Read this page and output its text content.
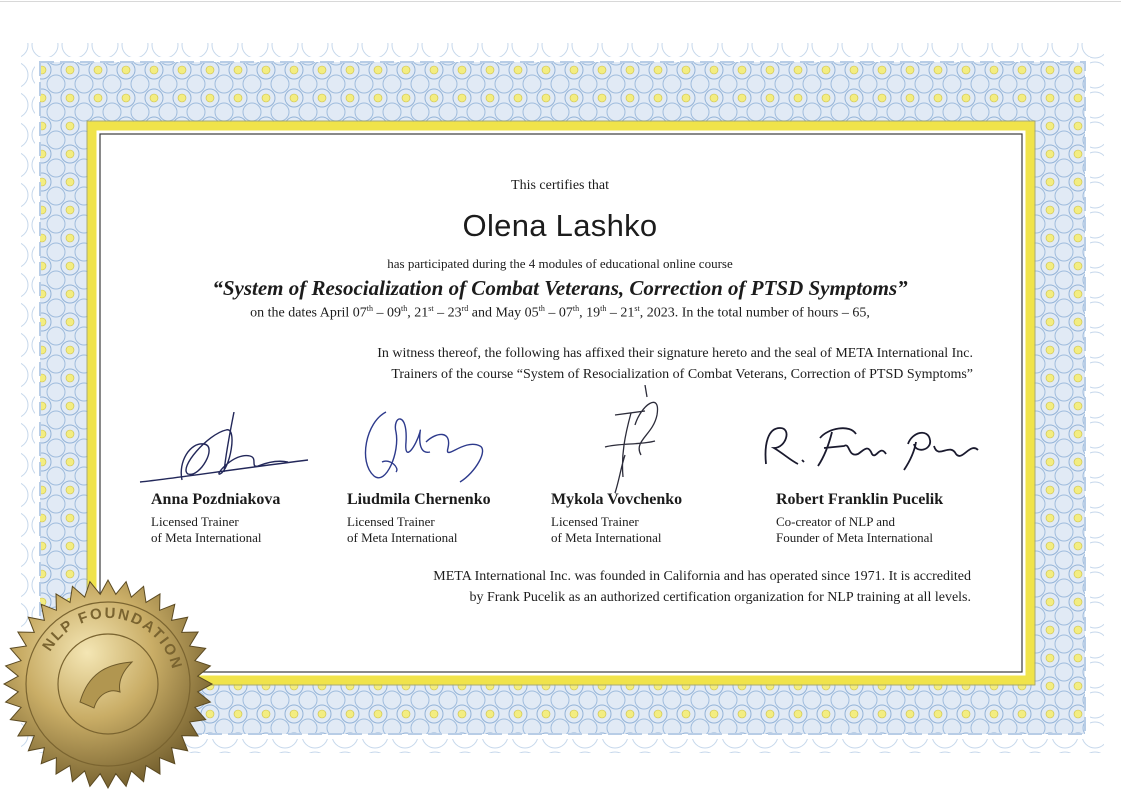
This certifies that
Olena Lashko
has participated during the 4 modules of educational online course
“System of Resocialization of Combat Veterans, Correction of PTSD Symptoms”
on the dates April 07th – 09th, 21st – 23rd and May 05th – 07th, 19th – 21st, 2023. In the total number of hours – 65,
In witness thereof, the following has affixed their signature hereto and the seal of META International Inc.
Trainers of the course “System of Resocialization of Combat Veterans, Correction of PTSD Symptoms”
Anna Pozdniakova
Licensed Trainer
of Meta International
Liudmila Chernenko
Licensed Trainer
of Meta International
Mykola Vovchenko
Licensed Trainer
of Meta International
Robert Franklin Pucelik
Co-creator of NLP and
Founder of Meta International
META International Inc. was founded in California and has operated since 1971. It is accredited
by Frank Pucelik as an authorized certification organization for NLP training at all levels.
NLP FOUNDATION
